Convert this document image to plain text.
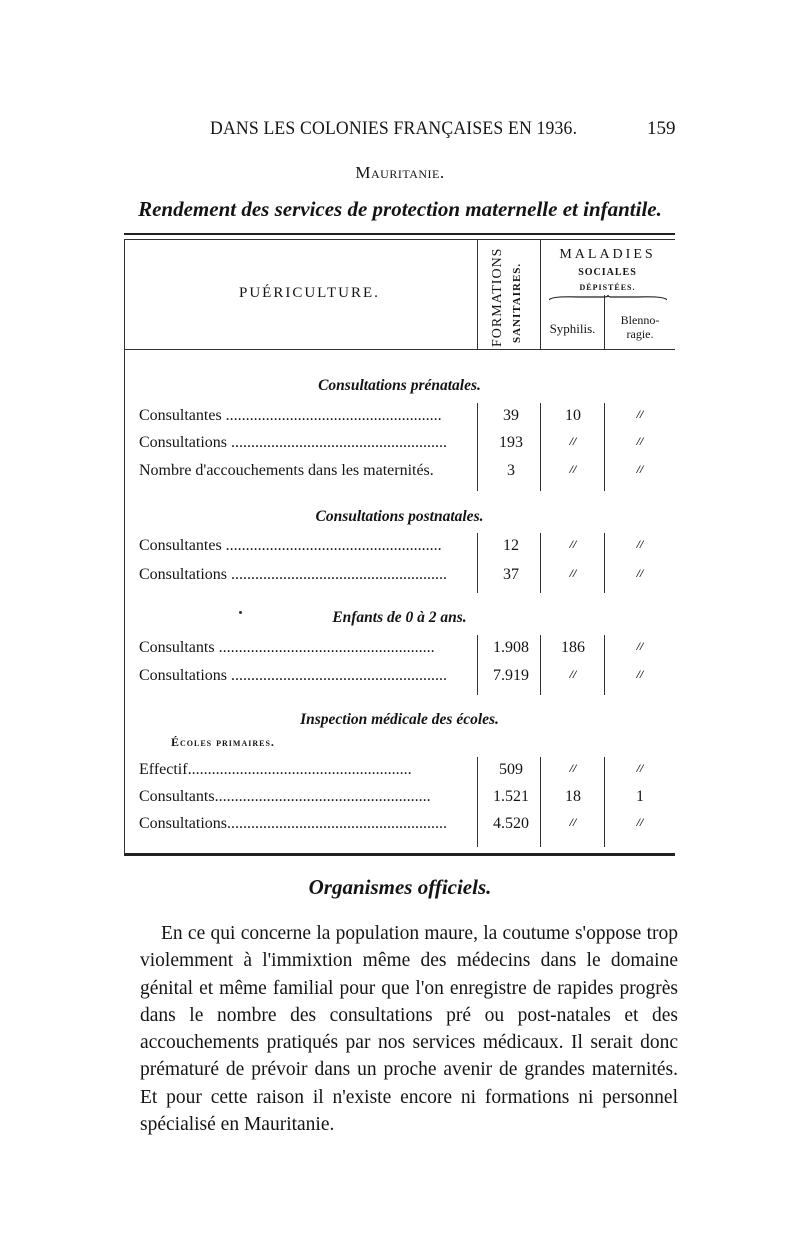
DANS LES COLONIES FRANÇAISES EN 1936.	159
Mauritanie.
Rendement des services de protection maternelle et infantile.
PUÉRICULTURE.	FORMATIONS SANITAIRES.
MALADIES
SOCIALES
DÉPISTÉES.
Syphilis.
Blenno-
ragie.
Consultations prénatales.
Consultantes ......................................................	39	10	//
Consultations ......................................................	193	//	//
Nombre d'accouchements dans les maternités.	3	//	//
Consultations postnatales.
Consultantes ......................................................	12	//	//
Consultations ......................................................	37	//	//
Enfants de 0 à 2 ans.
Consultants ......................................................	1.908	186	//
Consultations ......................................................	7.919	//	//
Inspection médicale des écoles.
Écoles primaires.
Effectif........................................................	509	//	//
Consultants......................................................	1.521	18	1
Consultations.......................................................	4.520	//	//
Organismes officiels.
En ce qui concerne la population maure, la coutume s'oppose trop violemment à l'immixtion même des médecins dans le domaine génital et même familial pour que l'on enregistre de rapides progrès dans le nombre des consultations pré ou post-natales et des accouchements pratiqués par nos services médicaux. Il serait donc prématuré de prévoir dans un proche avenir de grandes maternités. Et pour cette raison il n'existe encore ni formations ni personnel spécialisé en Mauritanie.
